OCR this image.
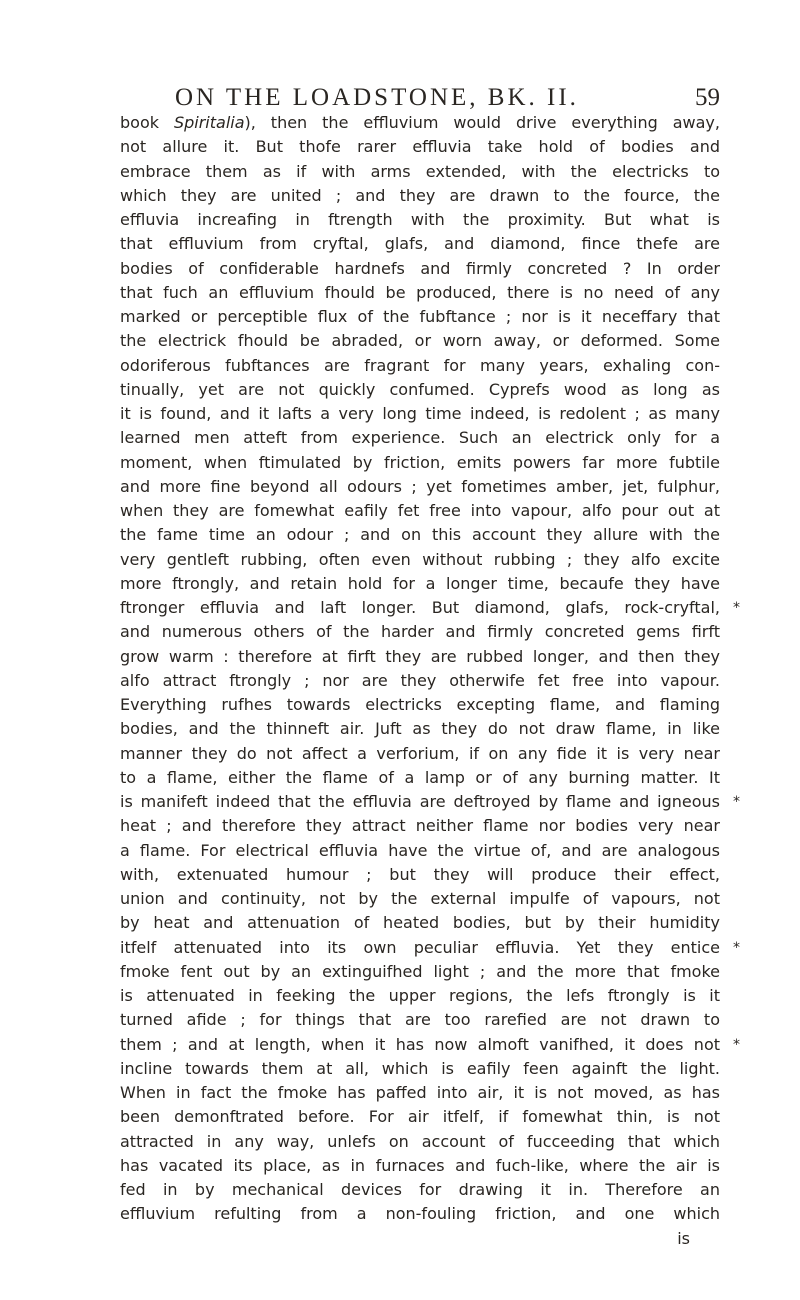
ON THE LOADSTONE, BK. II.	59
book Spiritalia), then the effluvium would drive everything away,
not allure it. But thofe rarer effluvia take hold of bodies and
embrace them as if with arms extended, with the electricks to
which they are united ; and they are drawn to the fource, the
effluvia increafing in ftrength with the proximity. But what is
that effluvium from cryftal, glafs, and diamond, fince thefe are
bodies of confiderable hardnefs and firmly concreted ? In order
that fuch an effluvium fhould be produced, there is no need of any
marked or perceptible flux of the fubftance ; nor is it neceffary that
the electrick fhould be abraded, or worn away, or deformed. Some
odoriferous fubftances are fragrant for many years, exhaling con-
tinually, yet are not quickly confumed. Cyprefs wood as long as
it is found, and it lafts a very long time indeed, is redolent ; as many
learned men atteft from experience. Such an electrick only for a
moment, when ftimulated by friction, emits powers far more fubtile
and more fine beyond all odours ; yet fometimes amber, jet, fulphur,
when they are fomewhat eafily fet free into vapour, alfo pour out at
the fame time an odour ; and on this account they allure with the
very gentleft rubbing, often even without rubbing ; they alfo excite
more ftrongly, and retain hold for a longer time, becaufe they have
ftronger effluvia and laft longer. But diamond, glafs, rock-cryftal, *
and numerous others of the harder and firmly concreted gems firft
grow warm : therefore at firft they are rubbed longer, and then they
alfo attract ftrongly ; nor are they otherwife fet free into vapour.
Everything rufhes towards electricks excepting flame, and flaming
bodies, and the thinneft air. Juft as they do not draw flame, in like
manner they do not affect a verforium, if on any fide it is very near
to a flame, either the flame of a lamp or of any burning matter. It
is manifeft indeed that the effluvia are deftroyed by flame and igneous *
heat ; and therefore they attract neither flame nor bodies very near
a flame. For electrical effluvia have the virtue of, and are analogous
with, extenuated humour ; but they will produce their effect,
union and continuity, not by the external impulfe of vapours, not
by heat and attenuation of heated bodies, but by their humidity
itfelf attenuated into its own peculiar effluvia. Yet they entice *
fmoke fent out by an extinguifhed light ; and the more that fmoke
is attenuated in feeking the upper regions, the lefs ftrongly is it
turned afide ; for things that are too rarefied are not drawn to
them ; and at length, when it has now almoft vanifhed, it does not *
incline towards them at all, which is eafily feen againft the light.
When in fact the fmoke has paffed into air, it is not moved, as has
been demonftrated before. For air itfelf, if fomewhat thin, is not
attracted in any way, unlefs on account of fucceeding that which
has vacated its place, as in furnaces and fuch-like, where the air is
fed in by mechanical devices for drawing it in. Therefore an
effluvium refulting from a non-fouling friction, and one which
is
